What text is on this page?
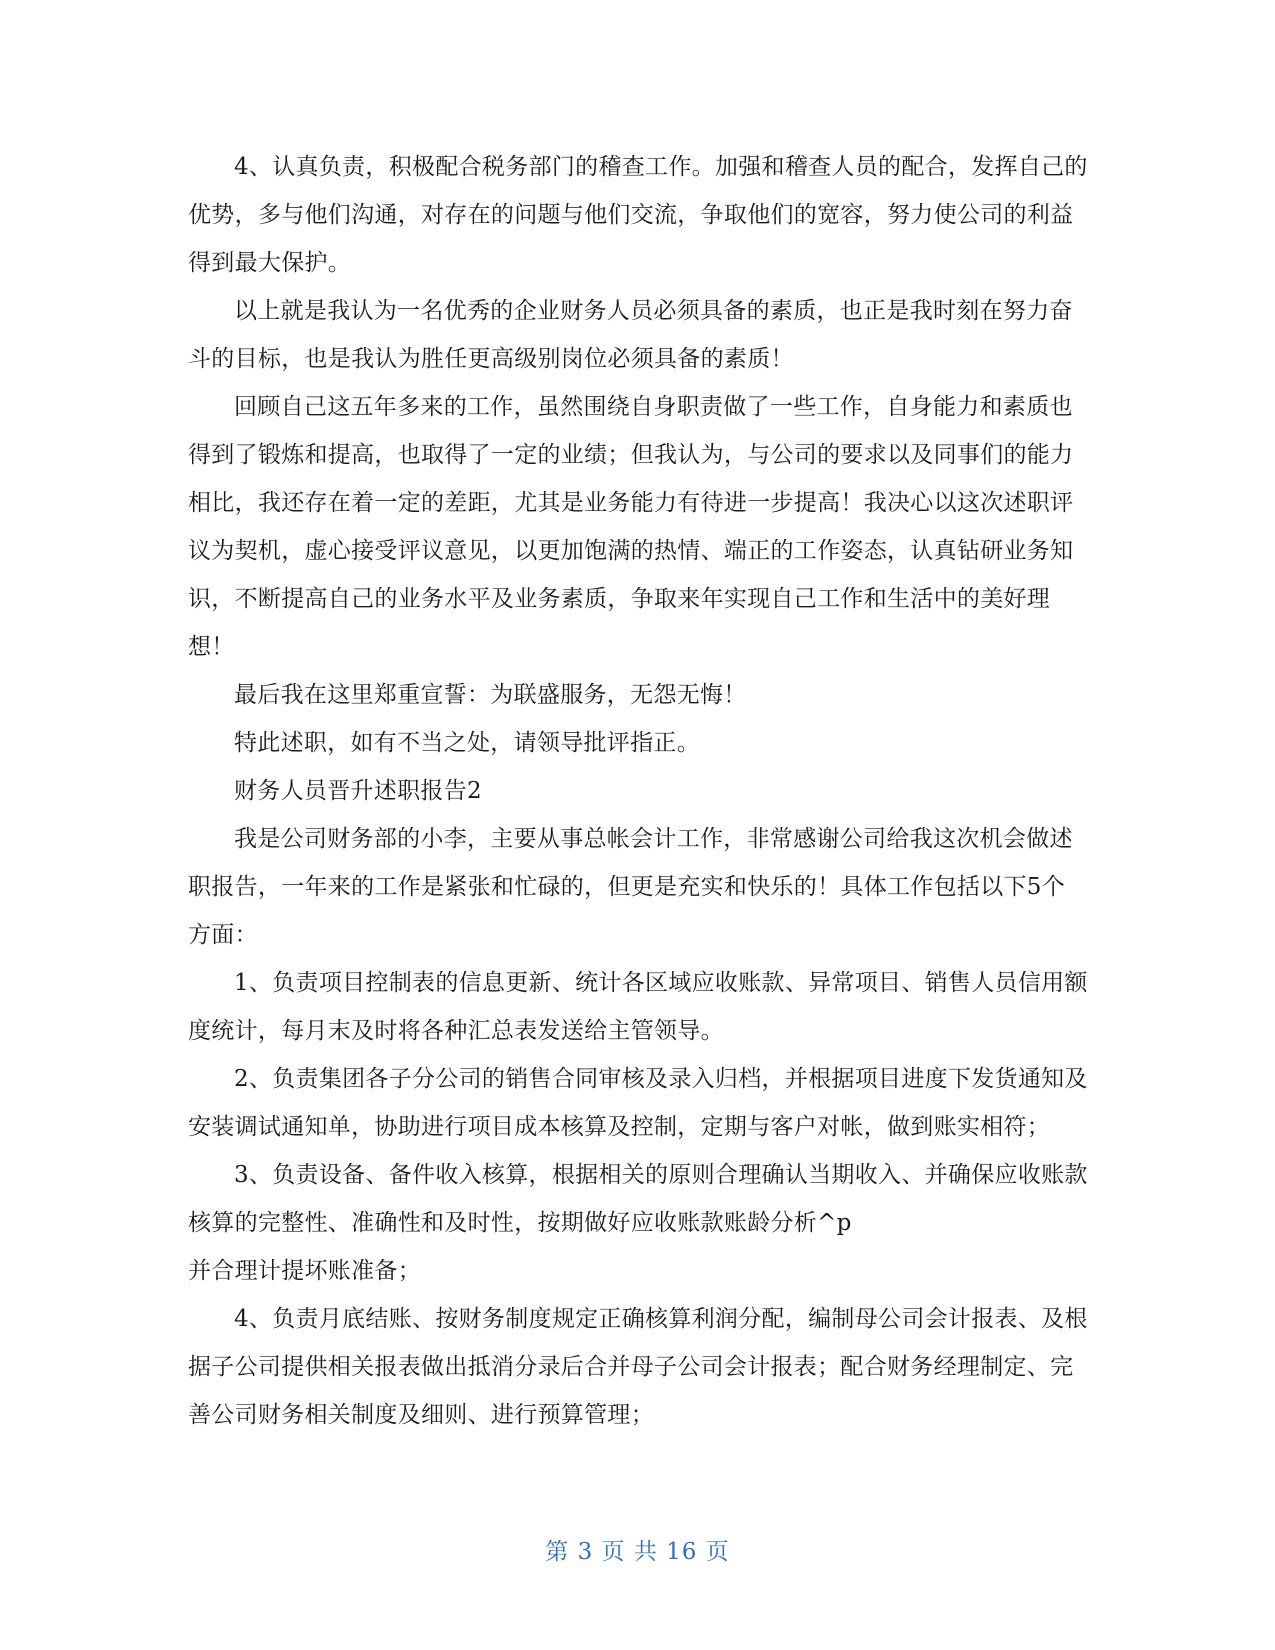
4、认真负责，积极配合税务部门的稽查工作。加强和稽查人员的配合，发挥自己的优势，多与他们沟通，对存在的问题与他们交流，争取他们的宽容，努力使公司的利益得到最大保护。

以上就是我认为一名优秀的企业财务人员必须具备的素质，也正是我时刻在努力奋斗的目标，也是我认为胜任更高级别岗位必须具备的素质！

回顾自己这五年多来的工作，虽然围绕自身职责做了一些工作，自身能力和素质也得到了锻炼和提高，也取得了一定的业绩；但我认为，与公司的要求以及同事们的能力相比，我还存在着一定的差距，尤其是业务能力有待进一步提高！我决心以这次述职评议为契机，虚心接受评议意见，以更加饱满的热情、端正的工作姿态，认真钻研业务知识，不断提高自己的业务水平及业务素质，争取来年实现自己工作和生活中的美好理想！

最后我在这里郑重宣誓：为联盛服务，无怨无悔！

特此述职，如有不当之处，请领导批评指正。

财务人员晋升述职报告2

我是公司财务部的小李，主要从事总帐会计工作，非常感谢公司给我这次机会做述职报告，一年来的工作是紧张和忙碌的，但更是充实和快乐的！具体工作包括以下5个方面：

1、负责项目控制表的信息更新、统计各区域应收账款、异常项目、销售人员信用额度统计，每月末及时将各种汇总表发送给主管领导。

2、负责集团各子分公司的销售合同审核及录入归档，并根据项目进度下发货通知及安装调试通知单，协助进行项目成本核算及控制，定期与客户对帐，做到账实相符；

3、负责设备、备件收入核算，根据相关的原则合理确认当期收入、并确保应收账款核算的完整性、准确性和及时性，按期做好应收账款账龄分析^p

并合理计提坏账准备；

4、负责月底结账、按财务制度规定正确核算利润分配，编制母公司会计报表、及根据子公司提供相关报表做出抵消分录后合并母子公司会计报表；配合财务经理制定、完善公司财务相关制度及细则、进行预算管理；

第 3 页 共 16 页
